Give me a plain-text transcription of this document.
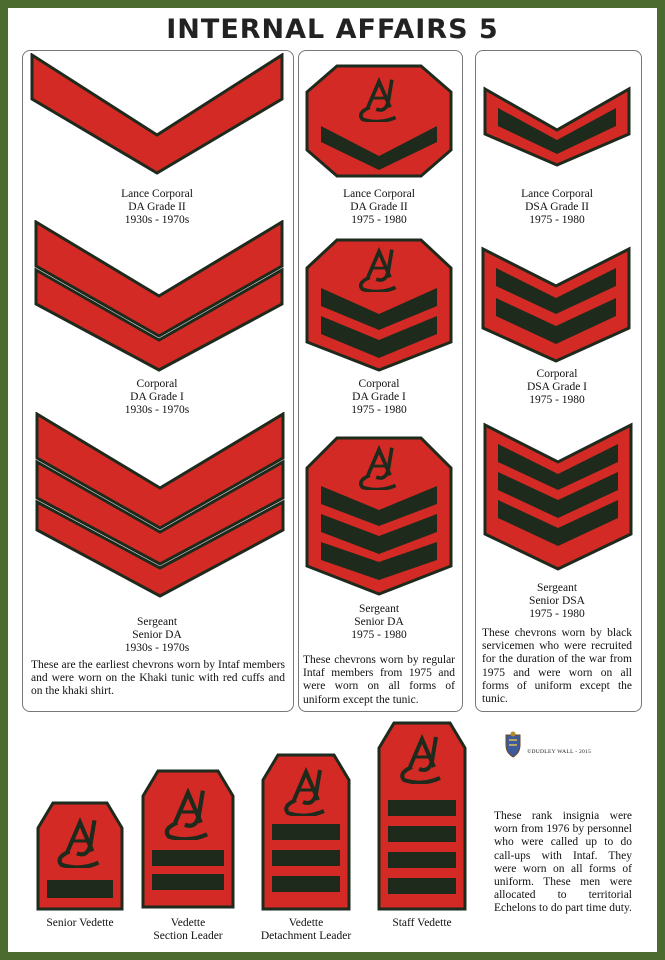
INTERNAL AFFAIRS 5
Lance Corporal
DA Grade II
1930s - 1970s
Corporal
DA Grade I
1930s - 1970s
Sergeant
Senior DA
1930s - 1970s
These are the earliest chevrons worn by Intaf members and were worn on the Khaki tunic with red cuffs and on the khaki shirt.
Lance Corporal
DA Grade II
1975 - 1980
Corporal
DA Grade I
1975 - 1980
Sergeant
Senior DA
1975 - 1980
These chevrons worn by regular Intaf members from 1975 and were worn on all forms of uniform except the tunic.
Lance Corporal
DSA Grade II
1975 - 1980
Corporal
DSA Grade I
1975 - 1980
Sergeant
Senior DSA
1975 - 1980
These chevrons worn by black servicemen who were recruited for the duration of the war from 1975 and were worn on all forms of uniform except the tunic.
©DUDLEY WALL - 2015
Senior Vedette	Vedette
Section Leader
Vedette
Detachment Leader
Staff Vedette
These rank insignia were worn from 1976 by personnel who were called up to do call-ups with Intaf. They were worn on all forms of uniform. These men were allocated to territorial Echelons to do part time duty.
